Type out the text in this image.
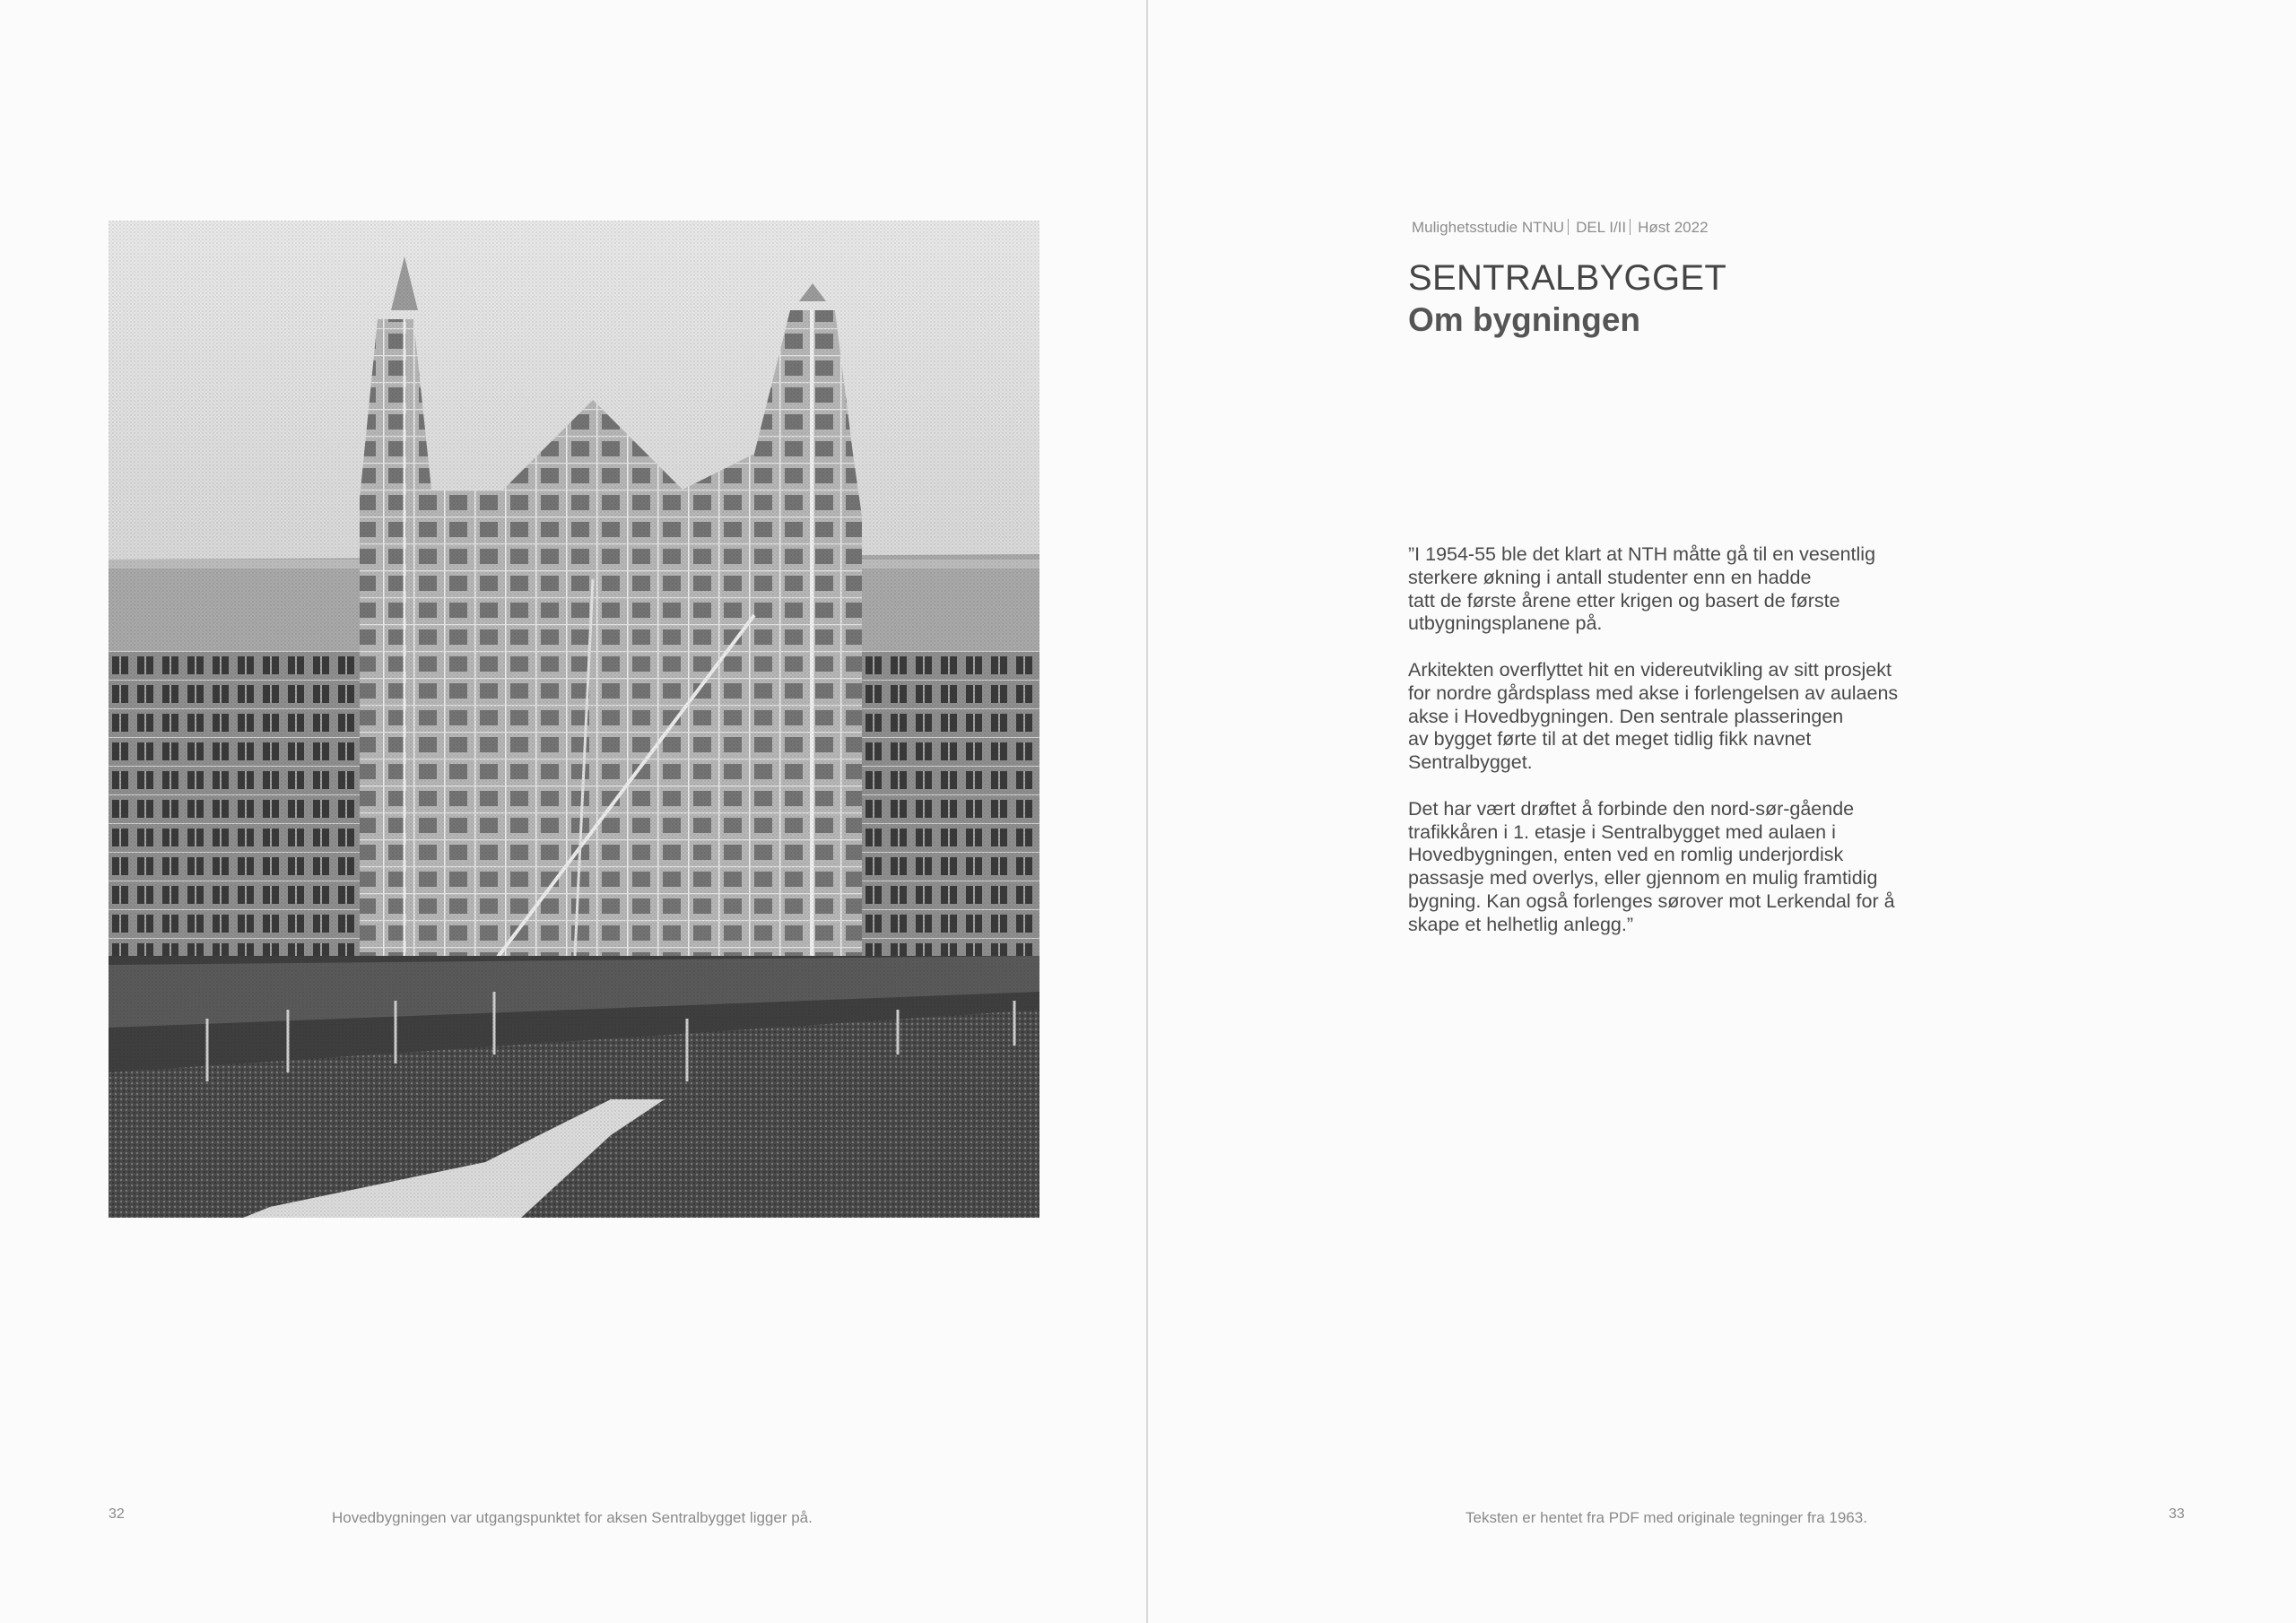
32	Hovedbygningen var utgangspunktet for aksen Sentralbygget ligger på.
Mulighetsstudie NTNU DEL I/II Høst 2022
SENTRALBYGGET
Om bygningen

”I 1954-55 ble det klart at NTH måtte gå til en vesentlig
sterkere økning i antall studenter enn en hadde
tatt de første årene etter krigen og basert de første
utbygningsplanene på.

Arkitekten overflyttet hit en videreutvikling av sitt prosjekt
for nordre gårdsplass med akse i forlengelsen av aulaens
akse i Hovedbygningen. Den sentrale plasseringen
av bygget førte til at det meget tidlig fikk navnet
Sentralbygget.

Det har vært drøftet å forbinde den nord-sør-gående
trafikkåren i 1. etasje i Sentralbygget med aulaen i
Hovedbygningen, enten ved en romlig underjordisk
passasje med overlys, eller gjennom en mulig framtidig
bygning. Kan også forlenges sørover mot Lerkendal for å
skape et helhetlig anlegg.”

Teksten er hentet fra PDF med originale tegninger fra 1963.	33
